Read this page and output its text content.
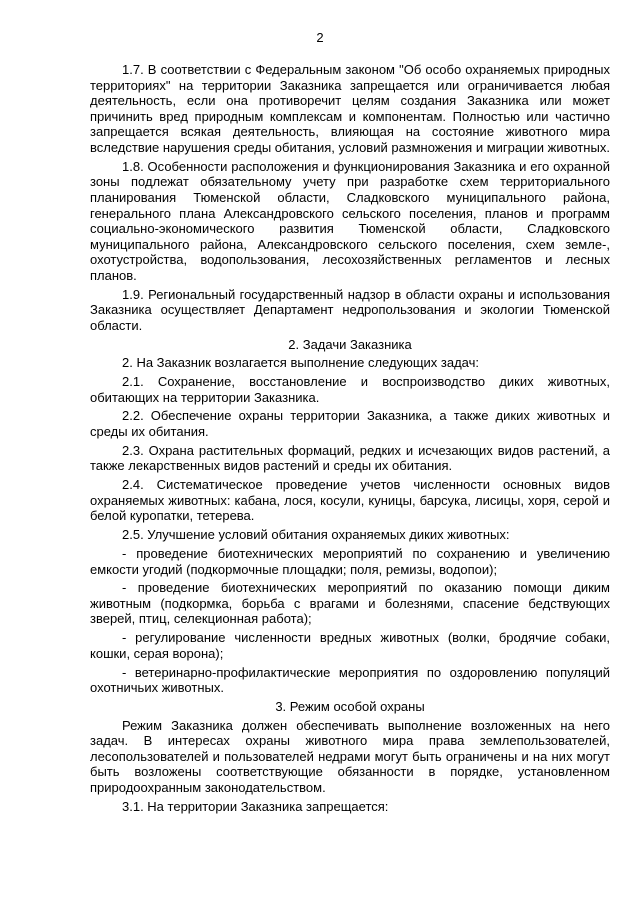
2

1.7. В соответствии с Федеральным законом "Об особо охраняемых природных территориях" на территории Заказника запрещается или ограничивается любая деятельность, если она противоречит целям создания Заказника или может причинить вред природным комплексам и компонентам. Полностью или частично запрещается всякая деятельность, влияющая на состояние животного мира вследствие нарушения среды обитания, условий размножения и миграции животных.

1.8. Особенности расположения и функционирования Заказника и его охранной зоны подлежат обязательному учету при разработке схем территориального планирования Тюменской области, Сладковского муниципального района, генерального плана Александровского сельского поселения, планов и программ социально-экономического развития Тюменской области, Сладковского муниципального района, Александровского сельского поселения, схем земле-, охотустройства, водопользования, лесохозяйственных регламентов и лесных планов.

1.9. Региональный государственный надзор в области охраны и использования Заказника осуществляет Департамент недропользования и экологии Тюменской области.

2. Задачи Заказника

2. На Заказник возлагается выполнение следующих задач:

2.1. Сохранение, восстановление и воспроизводство диких животных, обитающих на территории Заказника.

2.2. Обеспечение охраны территории Заказника, а также диких животных и среды их обитания.

2.3. Охрана растительных формаций, редких и исчезающих видов растений, а также лекарственных видов растений и среды их обитания.

2.4. Систематическое проведение учетов численности основных видов охраняемых животных: кабана, лося, косули, куницы, барсука, лисицы, хоря, серой и белой куропатки, тетерева.

2.5. Улучшение условий обитания охраняемых диких животных:

- проведение биотехнических мероприятий по сохранению и увеличению емкости угодий (подкормочные площадки; поля, ремизы, водопои);

- проведение биотехнических мероприятий по оказанию помощи диким животным (подкормка, борьба с врагами и болезнями, спасение бедствующих зверей, птиц, селекционная работа);

- регулирование численности вредных животных (волки, бродячие собаки, кошки, серая ворона);

- ветеринарно-профилактические мероприятия по оздоровлению популяций охотничьих животных.

3. Режим особой охраны

Режим Заказника должен обеспечивать выполнение возложенных на него задач. В интересах охраны животного мира права землепользователей, лесопользователей и пользователей недрами могут быть ограничены и на них могут быть возложены соответствующие обязанности в порядке, установленном природоохранным законодательством.

3.1. На территории Заказника запрещается:
